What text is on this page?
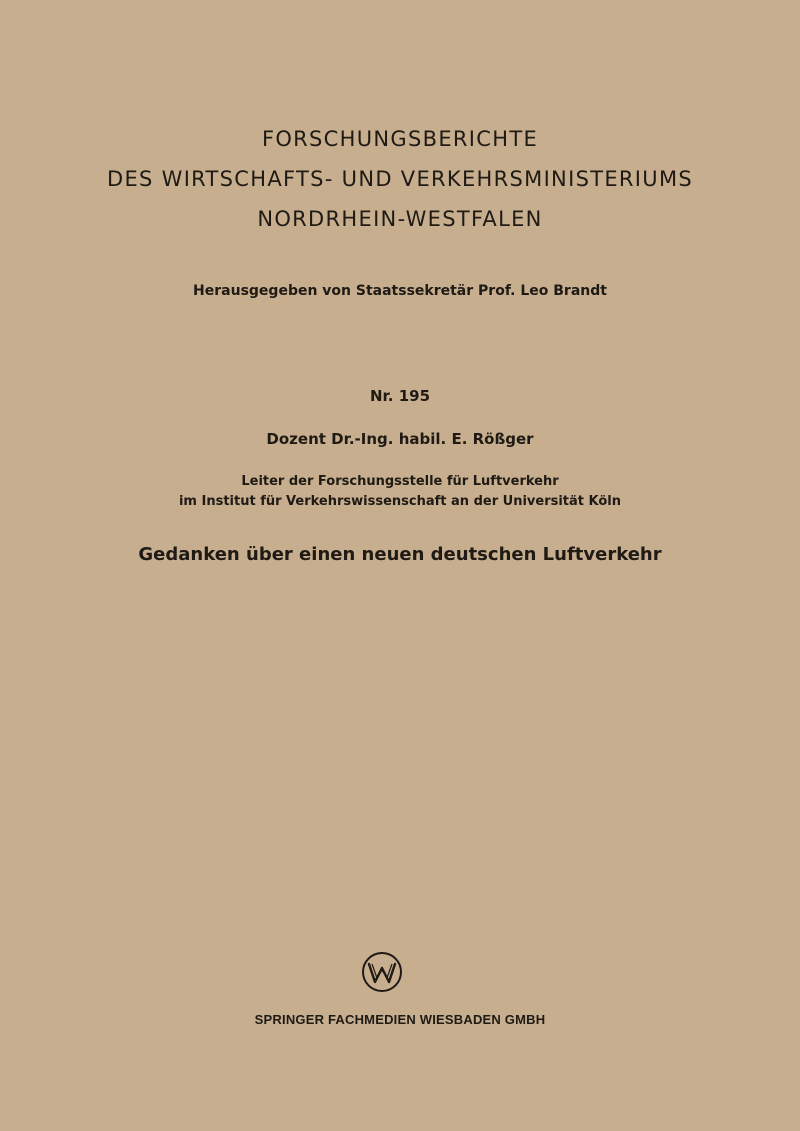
FORSCHUNGSBERICHTE
DES WIRTSCHAFTS- UND VERKEHRSMINISTERIUMS
NORDRHEIN-WESTFALEN
Herausgegeben von Staatssekretär Prof. Leo Brandt
Nr. 195
Dozent Dr.-Ing. habil. E. Rößger
Leiter der Forschungsstelle für Luftverkehr
im Institut für Verkehrswissenschaft an der Universität Köln
Gedanken über einen neuen deutschen Luftverkehr
SPRINGER FACHMEDIEN WIESBADEN GMBH
